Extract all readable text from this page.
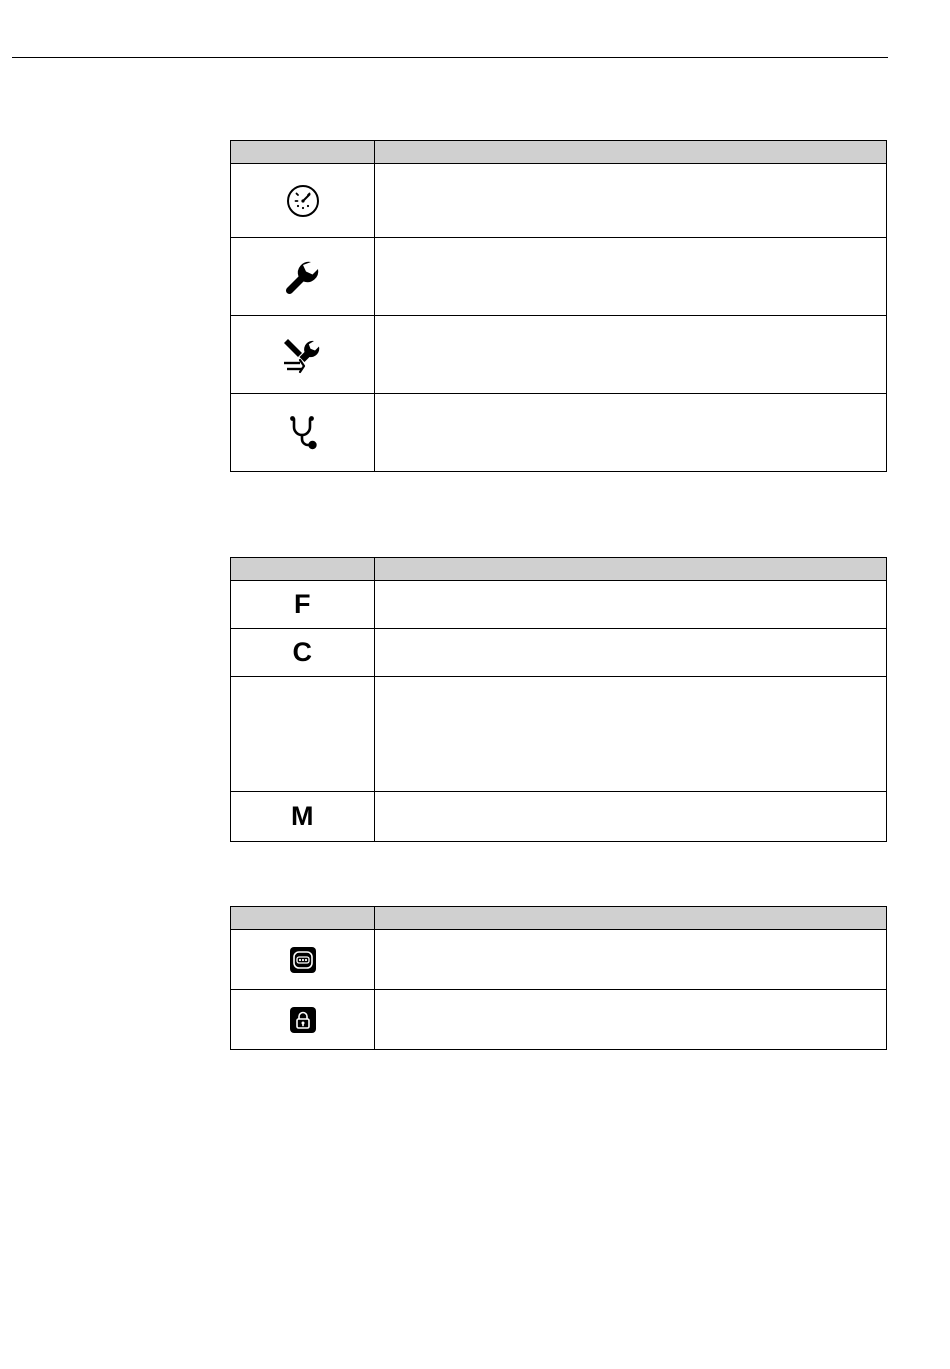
F	
C	

M	
